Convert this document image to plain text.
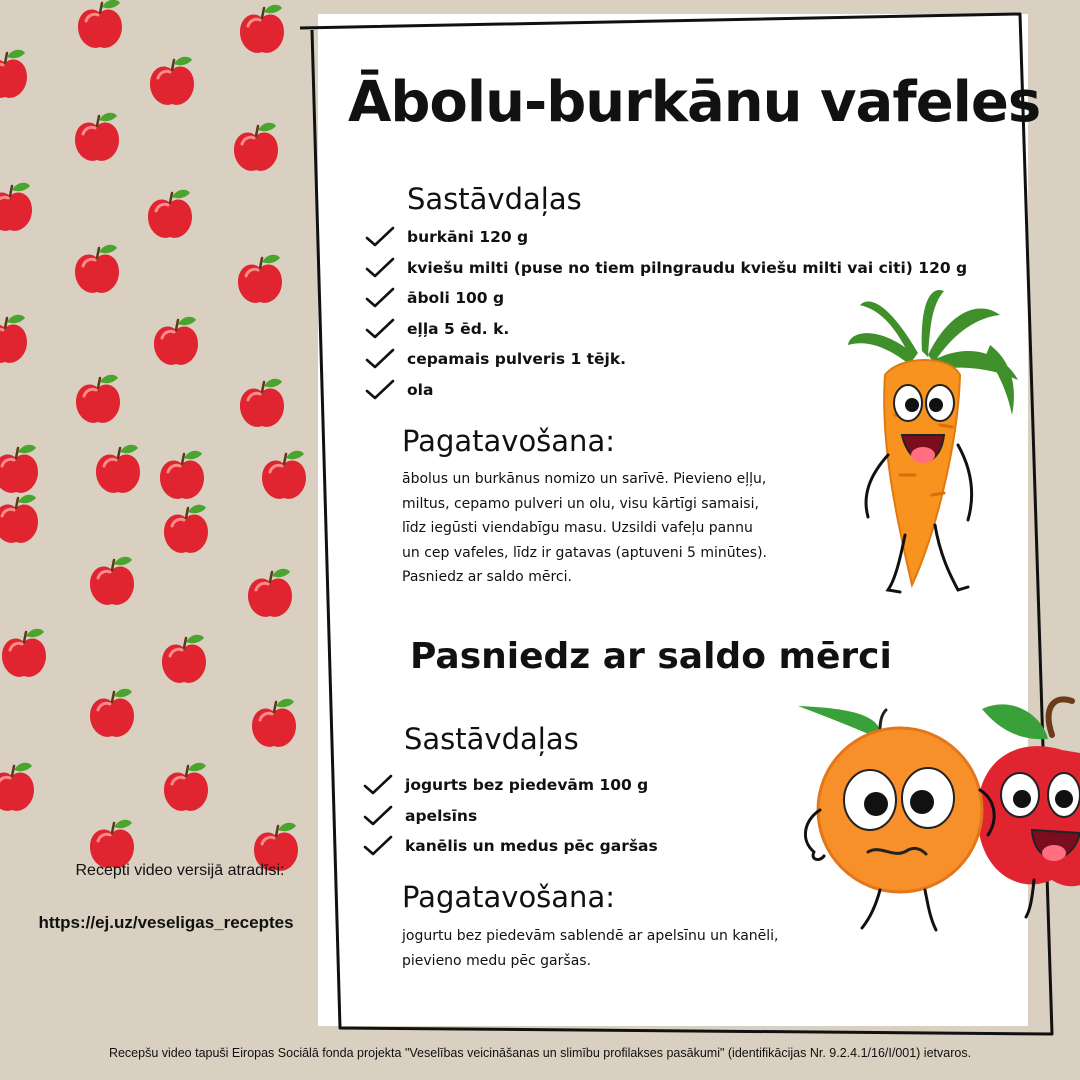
Ābolu-burkānu vafeles
Sastāvdaļas
burkāni 120 g
kviešu milti (puse no tiem pilngraudu kviešu milti vai citi) 120 g
āboli 100 g
eļļa 5 ēd. k.
cepamais pulveris 1 tējk.
ola
Pagatavošana:
ābolus un burkānus nomizo un sarīvē. Pievieno eļļu,
miltus, cepamo pulveri un olu, visu kārtīgi samaisi,
līdz iegūsti viendabīgu masu. Uzsildi vafeļu pannu
un cep vafeles, līdz ir gatavas (aptuveni 5 minūtes).
Pasniedz ar saldo mērci.
Pasniedz ar saldo mērci
Sastāvdaļas
jogurts bez piedevām 100 g
apelsīns
kanēlis un medus pēc garšas
Pagatavošana:
jogurtu bez piedevām sablendē ar apelsīnu un kanēli,
pievieno medu pēc garšas.
Recepti video versijā atradīsi:
https://ej.uz/veseligas_receptes
Recepšu video tapuši Eiropas Sociālā fonda projekta "Veselības veicināšanas un slimību profilakses pasākumi" (identifikācijas Nr. 9.2.4.1/16/I/001) ietvaros.
